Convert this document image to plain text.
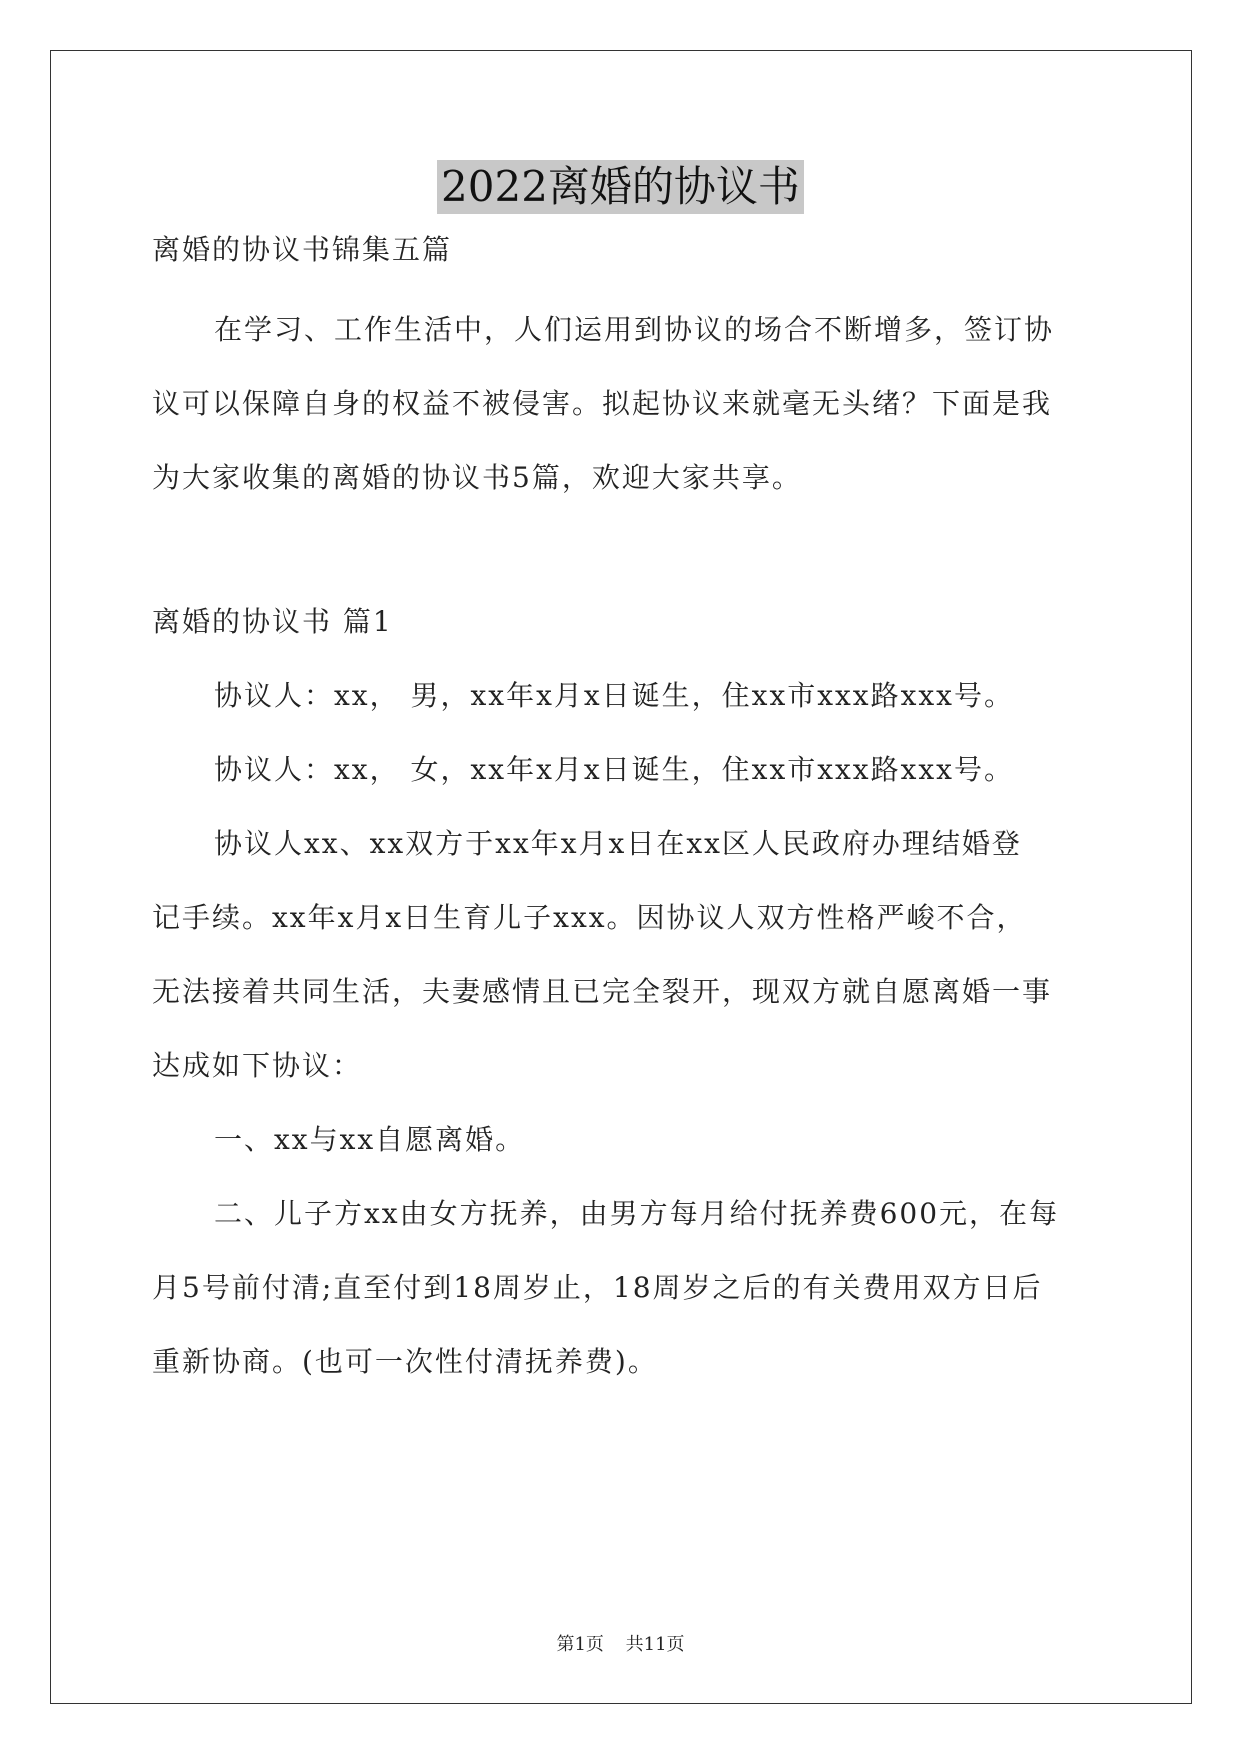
2022离婚的协议书
离婚的协议书锦集五篇
在学习、工作生活中，人们运用到协议的场合不断增多，签订协
议可以保障自身的权益不被侵害。拟起协议来就毫无头绪？下面是我
为大家收集的离婚的协议书5篇，欢迎大家共享。
离婚的协议书 篇1
协议人：xx， 男，xx年x月x日诞生，住xx市xxx路xxx号。
协议人：xx， 女，xx年x月x日诞生，住xx市xxx路xxx号。
协议人xx、xx双方于xx年x月x日在xx区人民政府办理结婚登
记手续。xx年x月x日生育儿子xxx。因协议人双方性格严峻不合，
无法接着共同生活，夫妻感情且已完全裂开，现双方就自愿离婚一事
达成如下协议：
一、xx与xx自愿离婚。
二、儿子方xx由女方抚养，由男方每月给付抚养费600元，在每
月5号前付清;直至付到18周岁止，18周岁之后的有关费用双方日后
重新协商。(也可一次性付清抚养费)。
第1页 共11页
